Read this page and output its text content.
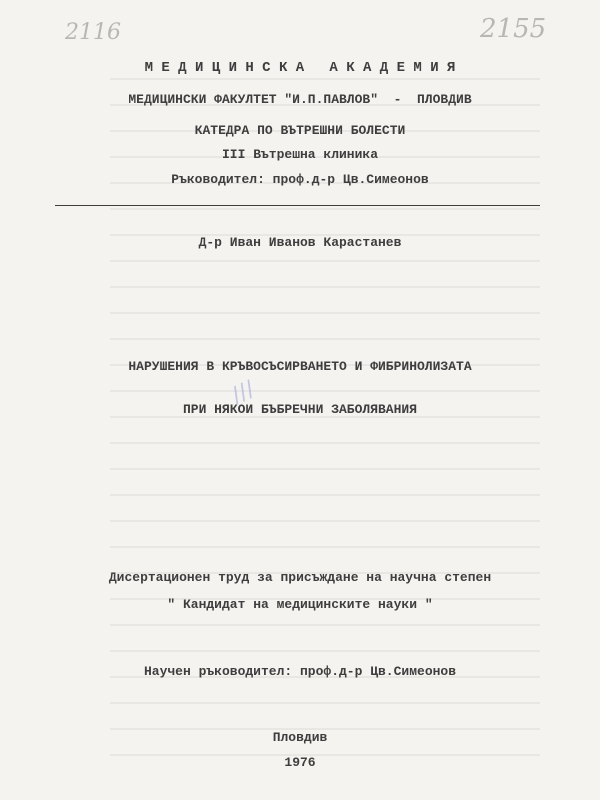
2116	2155
М Е Д И Ц И Н С К А   А К А Д Е М И Я
МЕДИЦИНСКИ ФАКУЛТЕТ "И.П.ПАВЛОВ"  -  ПЛОВДИВ
КАТЕДРА ПО ВЪТРЕШНИ БОЛЕСТИ
III Вътрешна клиника
Ръководител: проф.д-р Цв.Симеонов
Д-р Иван Иванов Карастанев
НАРУШЕНИЯ В КРЪВОСЪСИРВАНЕТО И ФИБРИНОЛИЗАТА
ПРИ НЯКОИ БЪБРЕЧНИ ЗАБОЛЯВАНИЯ
///
Дисертационен труд за присъждане на научна степен
" Кандидат на медицинските науки "
Научен ръководител: проф.д-р Цв.Симеонов
Пловдив
1976
